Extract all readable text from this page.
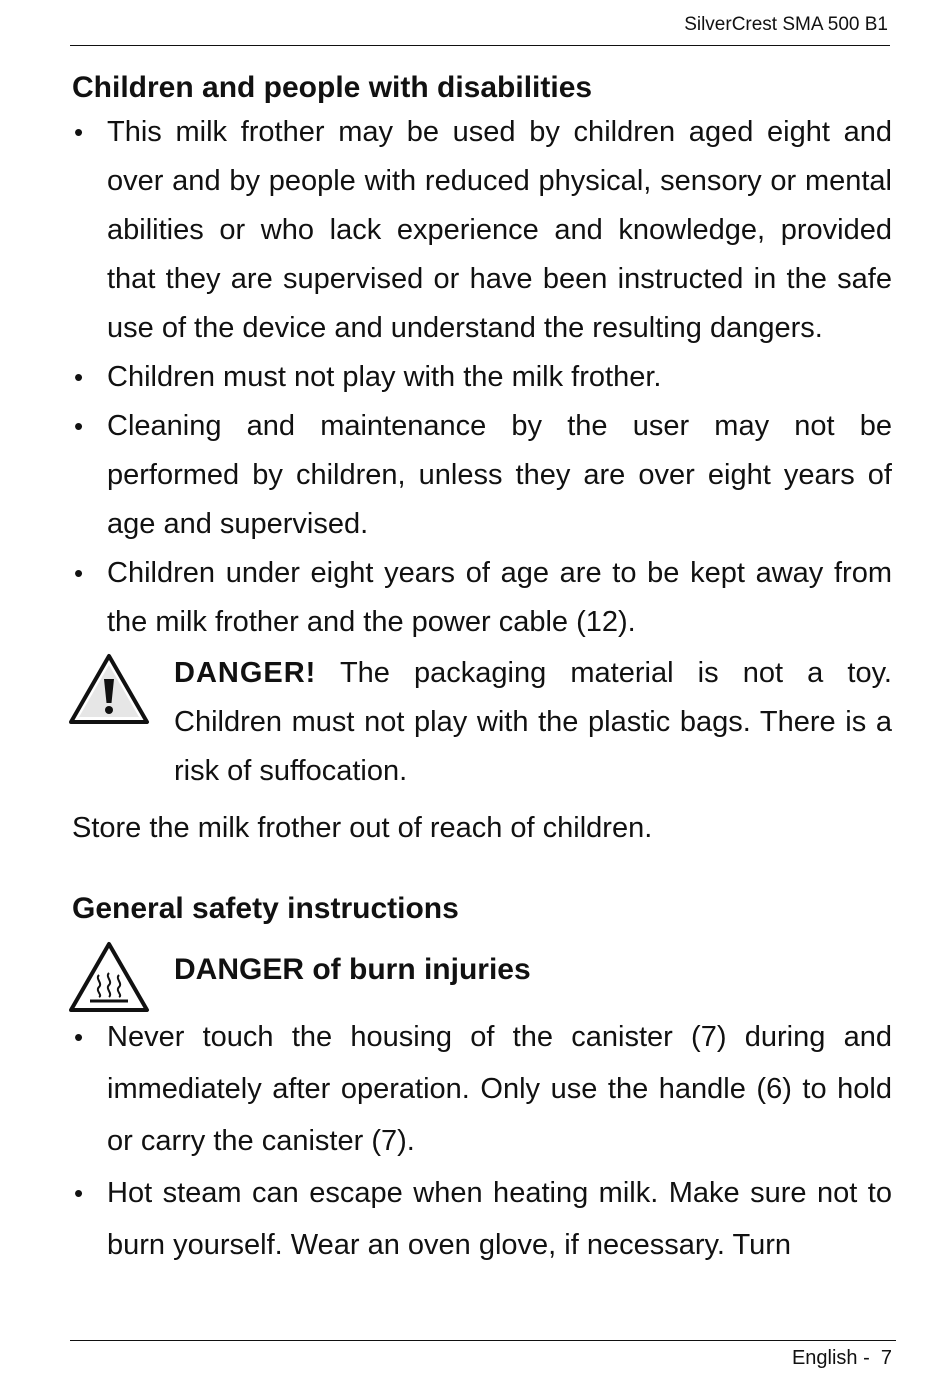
SilverCrest SMA 500 B1
Children and people with disabilities
• This milk frother may be used by children aged eight and over and by people with reduced physical, sensory or mental abilities or who lack experience and knowledge, provided that they are supervised or have been instructed in the safe use of the device and understand the resulting dangers.
• Children must not play with the milk frother.
• Cleaning and maintenance by the user may not be performed by children, unless they are over eight years of age and supervised.
• Children under eight years of age are to be kept away from the milk frother and the power cable (12).
DANGER! The packaging material is not a toy. Children must not play with the plastic bags. There is a risk of suffocation.
Store the milk frother out of reach of children.
General safety instructions
DANGER of burn injuries
• Never touch the housing of the canister (7) during and immediately after operation. Only use the handle (6) to hold or carry the canister (7).
• Hot steam can escape when heating milk. Make sure not to burn yourself. Wear an oven glove, if necessary. Turn
English -  7
